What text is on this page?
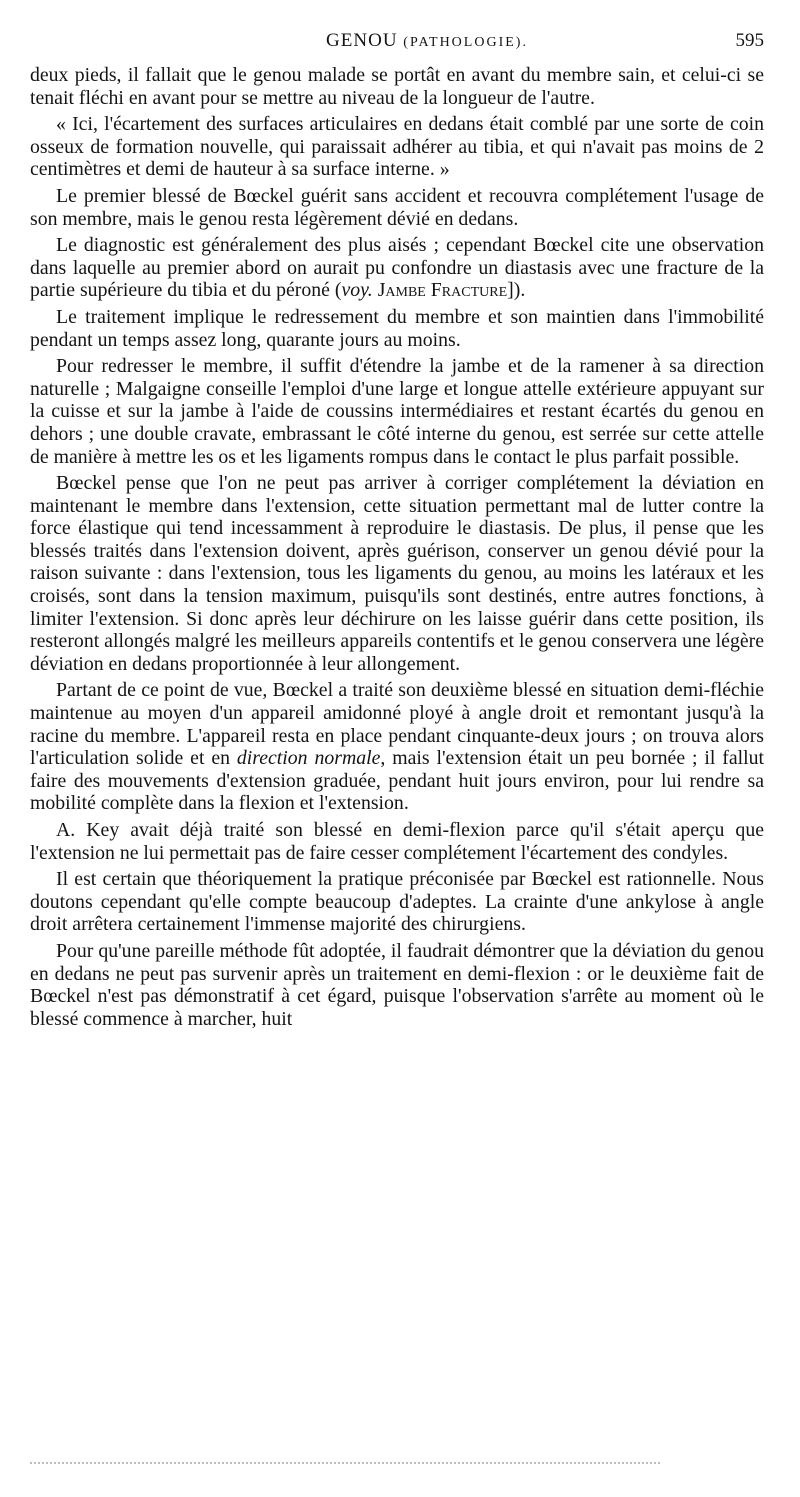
GENOU (PATHOLOGIE).	595

deux pieds, il fallait que le genou malade se portât en avant du membre sain, et celui-ci se tenait fléchi en avant pour se mettre au niveau de la longueur de l'autre.

« Ici, l'écartement des surfaces articulaires en dedans était comblé par une sorte de coin osseux de formation nouvelle, qui paraissait adhérer au tibia, et qui n'avait pas moins de 2 centimètres et demi de hauteur à sa surface interne. »

Le premier blessé de Bœckel guérit sans accident et recouvra complétement l'usage de son membre, mais le genou resta légèrement dévié en dedans.

Le diagnostic est généralement des plus aisés ; cependant Bœckel cite une observation dans laquelle au premier abord on aurait pu confondre un diastasis avec une fracture de la partie supérieure du tibia et du péroné (voy. Jambe Fracture]).

Le traitement implique le redressement du membre et son maintien dans l'immobilité pendant un temps assez long, quarante jours au moins.

Pour redresser le membre, il suffit d'étendre la jambe et de la ramener à sa direction naturelle ; Malgaigne conseille l'emploi d'une large et longue attelle extérieure appuyant sur la cuisse et sur la jambe à l'aide de coussins intermédiaires et restant écartés du genou en dehors ; une double cravate, embrassant le côté interne du genou, est serrée sur cette attelle de manière à mettre les os et les ligaments rompus dans le contact le plus parfait possible.

Bœckel pense que l'on ne peut pas arriver à corriger complétement la déviation en maintenant le membre dans l'extension, cette situation permettant mal de lutter contre la force élastique qui tend incessamment à reproduire le diastasis. De plus, il pense que les blessés traités dans l'extension doivent, après guérison, conserver un genou dévié pour la raison suivante : dans l'extension, tous les ligaments du genou, au moins les latéraux et les croisés, sont dans la tension maximum, puisqu'ils sont destinés, entre autres fonctions, à limiter l'extension. Si donc après leur déchirure on les laisse guérir dans cette position, ils resteront allongés malgré les meilleurs appareils contentifs et le genou conservera une légère déviation en dedans proportionnée à leur allongement.

Partant de ce point de vue, Bœckel a traité son deuxième blessé en situation demi-fléchie maintenue au moyen d'un appareil amidonné ployé à angle droit et remontant jusqu'à la racine du membre. L'appareil resta en place pendant cinquante-deux jours ; on trouva alors l'articulation solide et en direction normale, mais l'extension était un peu bornée ; il fallut faire des mouvements d'extension graduée, pendant huit jours environ, pour lui rendre sa mobilité complète dans la flexion et l'extension.

A. Key avait déjà traité son blessé en demi-flexion parce qu'il s'était aperçu que l'extension ne lui permettait pas de faire cesser complétement l'écartement des condyles.

Il est certain que théoriquement la pratique préconisée par Bœckel est rationnelle. Nous doutons cependant qu'elle compte beaucoup d'adeptes. La crainte d'une ankylose à angle droit arrêtera certainement l'immense majorité des chirurgiens.

Pour qu'une pareille méthode fût adoptée, il faudrait démontrer que la déviation du genou en dedans ne peut pas survenir après un traitement en demi-flexion : or le deuxième fait de Bœckel n'est pas démonstratif à cet égard, puisque l'observation s'arrête au moment où le blessé commence à marcher, huit
